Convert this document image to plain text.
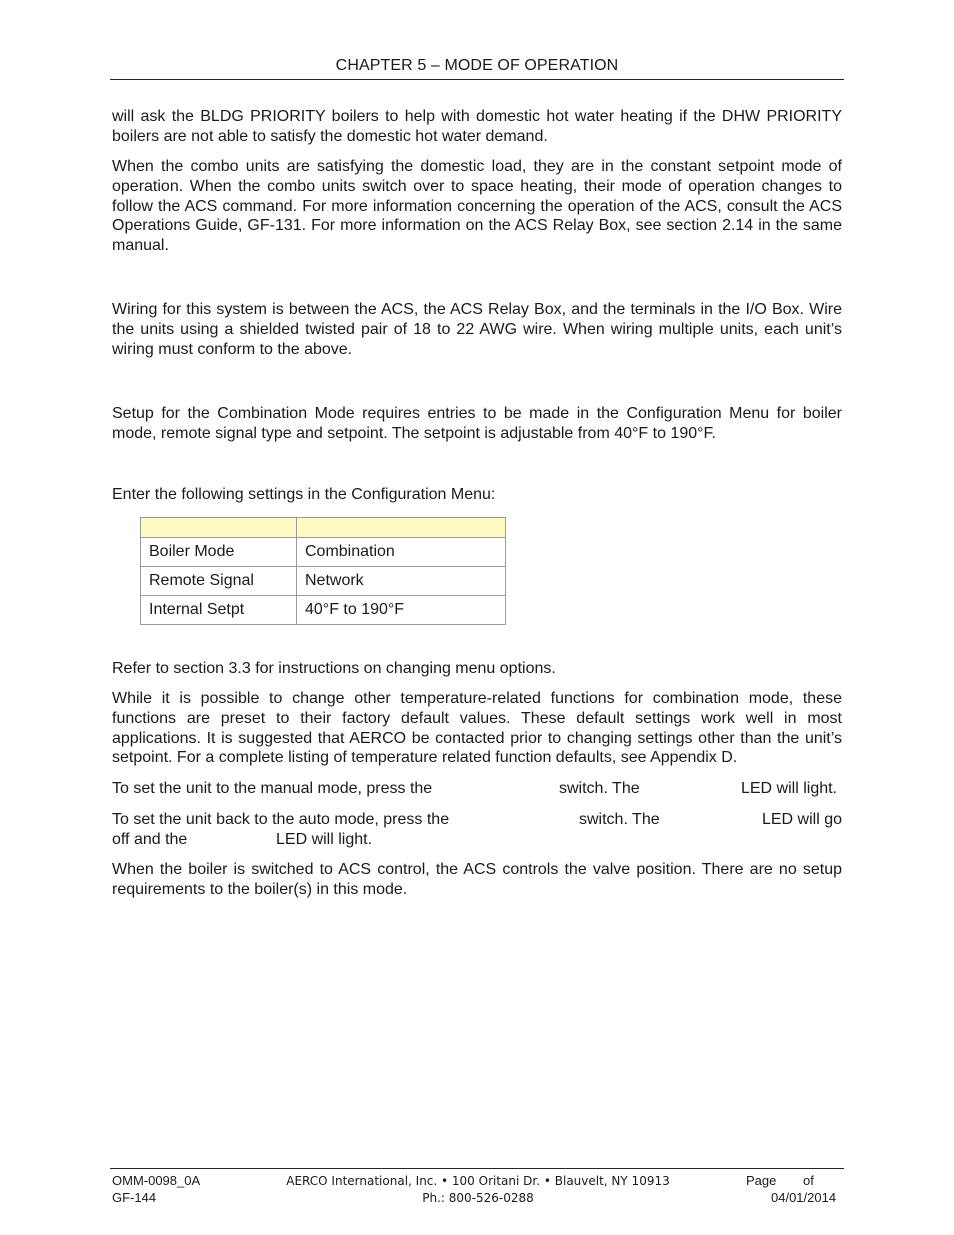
CHAPTER 5 – MODE OF OPERATION

will ask the BLDG PRIORITY boilers to help with domestic hot water heating if the DHW PRIORITY boilers are not able to satisfy the domestic hot water demand.

When the combo units are satisfying the domestic load, they are in the constant setpoint mode of operation. When the combo units switch over to space heating, their mode of operation changes to follow the ACS command. For more information concerning the operation of the ACS, consult the ACS Operations Guide, GF-131. For more information on the ACS Relay Box, see section 2.14 in the same manual.

Wiring for this system is between the ACS, the ACS Relay Box, and the terminals in the I/O Box. Wire the units using a shielded twisted pair of 18 to 22 AWG wire. When wiring multiple units, each unit’s wiring must conform to the above.

Setup for the Combination Mode requires entries to be made in the Configuration Menu for boiler mode, remote signal type and setpoint. The setpoint is adjustable from 40°F to 190°F.

Enter the following settings in the Configuration Menu:

Boiler Mode	Combination
Remote Signal	Network
Internal Setpt	40°F to 190°F

Refer to section 3.3 for instructions on changing menu options.

While it is possible to change other temperature-related functions for combination mode, these functions are preset to their factory default values. These default settings work well in most applications. It is suggested that AERCO be contacted prior to changing settings other than the unit’s setpoint. For a complete listing of temperature related function defaults, see Appendix D.

To set the unit to the manual mode, press the	switch. The	LED will light.
To set the unit back to the auto mode, press the	switch. The	LED will go
off and the	LED will light.

When the boiler is switched to ACS control, the ACS controls the valve position. There are no setup requirements to the boiler(s) in this mode.

OMM-0098_0A
GF-144
AERCO International, Inc. • 100 Oritani Dr. • Blauvelt, NY 10913
Ph.: 800-526-0288
Page of
04/01/2014
